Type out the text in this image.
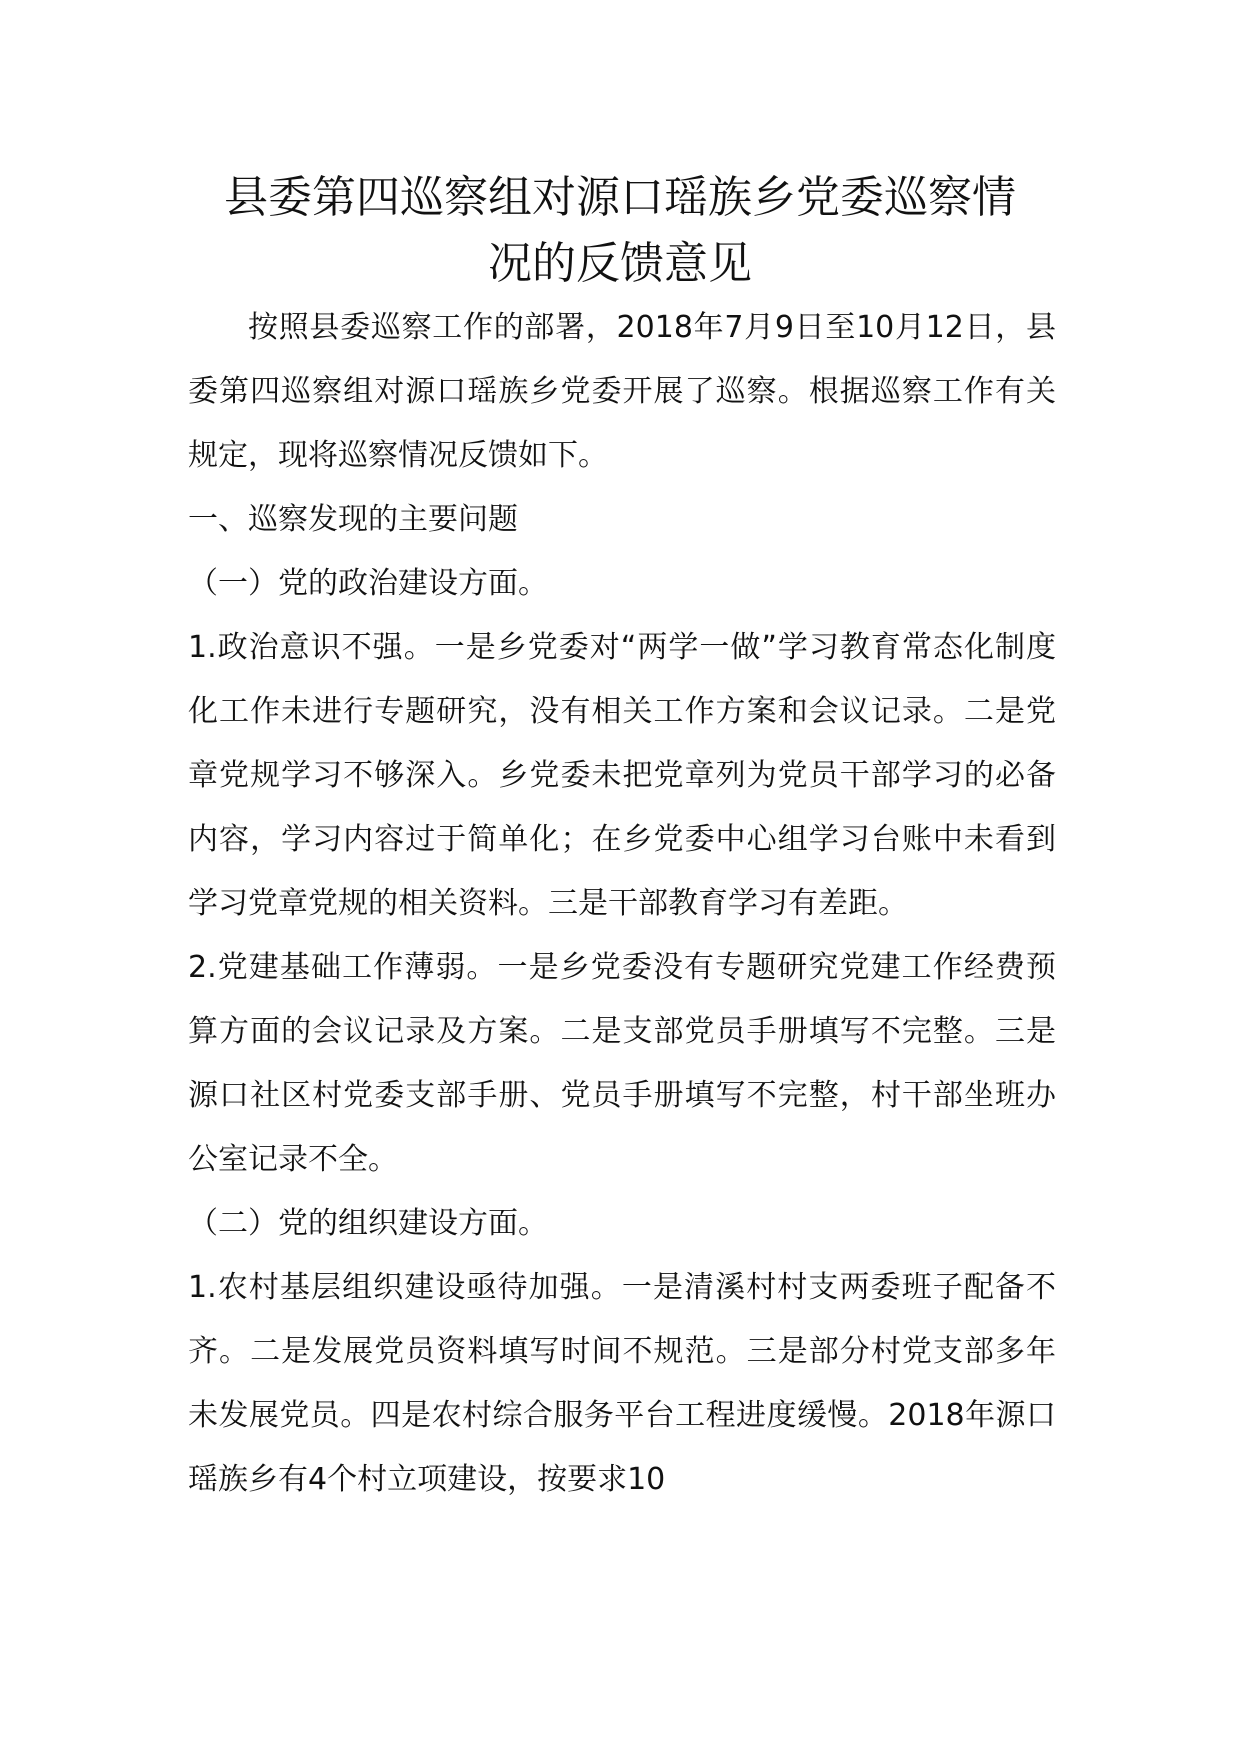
县委第四巡察组对源口瑶族乡党委巡察情
况的反馈意见

按照县委巡察工作的部署，2018年7月9日至10月12日，县委第四巡察组对源口瑶族乡党委开展了巡察。根据巡察工作有关规定，现将巡察情况反馈如下。

一、巡察发现的主要问题

（一）党的政治建设方面。

1.政治意识不强。一是乡党委对“两学一做”学习教育常态化制度化工作未进行专题研究，没有相关工作方案和会议记录。二是党章党规学习不够深入。乡党委未把党章列为党员干部学习的必备内容，学习内容过于简单化；在乡党委中心组学习台账中未看到学习党章党规的相关资料。三是干部教育学习有差距。

2.党建基础工作薄弱。一是乡党委没有专题研究党建工作经费预算方面的会议记录及方案。二是支部党员手册填写不完整。三是源口社区村党委支部手册、党员手册填写不完整，村干部坐班办公室记录不全。

（二）党的组织建设方面。

1.农村基层组织建设亟待加强。一是清溪村村支两委班子配备不齐。二是发展党员资料填写时间不规范。三是部分村党支部多年未发展党员。四是农村综合服务平台工程进度缓慢。2018年源口瑶族乡有4个村立项建设，按要求10
